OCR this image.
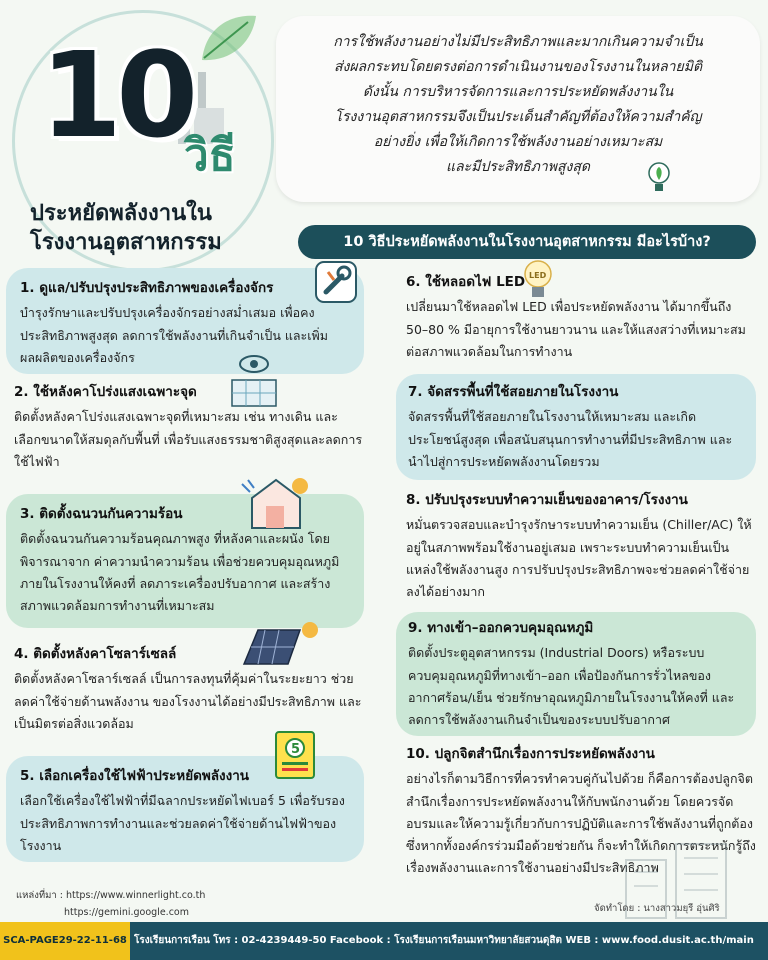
10
วิธี
ประหยัดพลังงานใน
โรงงานอุตสาหกรรม
การใช้พลังงานอย่างไม่มีประสิทธิภาพและมากเกินความจำเป็น
ส่งผลกระทบโดยตรงต่อการดำเนินงานของโรงงานในหลายมิติ
ดังนั้น การบริหารจัดการและการประหยัดพลังงานใน
โรงงานอุตสาหกรรมจึงเป็นประเด็นสำคัญที่ต้องให้ความสำคัญ
อย่างยิ่ง เพื่อให้เกิดการใช้พลังงานอย่างเหมาะสม
และมีประสิทธิภาพสูงสุด
10 วิธีประหยัดพลังงานในโรงงานอุตสาหกรรม มีอะไรบ้าง?
1. ดูแล/ปรับปรุงประสิทธิภาพของเครื่องจักร

บำรุงรักษาและปรับปรุงเครื่องจักรอย่างสม่ำเสมอ เพื่อคงประสิทธิภาพสูงสุด ลดการใช้พลังงานที่เกินจำเป็น และเพิ่มผลผลิตของเครื่องจักร

2. ใช้หลังคาโปร่งแสงเฉพาะจุด

ติดตั้งหลังคาโปร่งแสงเฉพาะจุดที่เหมาะสม เช่น ทางเดิน และเลือกขนาดให้สมดุลกับพื้นที่ เพื่อรับแสงธรรมชาติสูงสุดและลดการใช้ไฟฟ้า

3. ติดตั้งฉนวนกันความร้อน

ติดตั้งฉนวนกันความร้อนคุณภาพสูง ที่หลังคาและผนัง โดยพิจารณาจาก ค่าความนำความร้อน เพื่อช่วยควบคุมอุณหภูมิภายในโรงงานให้คงที่ ลดภาระเครื่องปรับอากาศ และสร้างสภาพแวดล้อมการทำงานที่เหมาะสม

4. ติดตั้งหลังคาโซลาร์เซลล์

ติดตั้งหลังคาโซลาร์เซลล์ เป็นการลงทุนที่คุ้มค่าในระยะยาว ช่วยลดค่าใช้จ่ายด้านพลังงาน ของโรงงานได้อย่างมีประสิทธิภาพ และเป็นมิตรต่อสิ่งแวดล้อม

5. เลือกเครื่องใช้ไฟฟ้าประหยัดพลังงาน

เลือกใช้เครื่องใช้ไฟฟ้าที่มีฉลากประหยัดไฟเบอร์ 5 เพื่อรับรองประสิทธิภาพการทำงานและช่วยลดค่าใช้จ่ายด้านไฟฟ้าของโรงงาน

5
6. ใช้หลอดไฟ LED

เปลี่ยนมาใช้หลอดไฟ LED เพื่อประหยัดพลังงาน ได้มากขึ้นถึง 50–80 % มีอายุการใช้งานยาวนาน และให้แสงสว่างที่เหมาะสมต่อสภาพแวดล้อมในการทำงาน

LED
7. จัดสรรพื้นที่ใช้สอยภายในโรงงาน

จัดสรรพื้นที่ใช้สอยภายในโรงงานให้เหมาะสม และเกิดประโยชน์สูงสุด เพื่อสนับสนุนการทำงานที่มีประสิทธิภาพ และนำไปสู่การประหยัดพลังงานโดยรวม

8. ปรับปรุงระบบทำความเย็นของอาคาร/โรงงาน

หมั่นตรวจสอบและบำรุงรักษาระบบทำความเย็น (Chiller/AC) ให้อยู่ในสภาพพร้อมใช้งานอยู่เสมอ เพราะระบบทำความเย็นเป็นแหล่งใช้พลังงานสูง การปรับปรุงประสิทธิภาพจะช่วยลดค่าใช้จ่ายลงได้อย่างมาก

9. ทางเข้า–ออกควบคุมอุณหภูมิ

ติดตั้งประตูอุตสาหกรรม (Industrial Doors) หรือระบบควบคุมอุณหภูมิที่ทางเข้า–ออก เพื่อป้องกันการรั่วไหลของอากาศร้อน/เย็น ช่วยรักษาอุณหภูมิภายในโรงงานให้คงที่ และลดการใช้พลังงานเกินจำเป็นของระบบปรับอากาศ

10. ปลูกจิตสำนึกเรื่องการประหยัดพลังงาน

อย่างไรก็ตามวิธีการที่ควรทำควบคู่กันไปด้วย ก็คือการต้องปลูกจิตสำนึกเรื่องการประหยัดพลังงานให้กับพนักงานด้วย โดยควรจัดอบรมและให้ความรู้เกี่ยวกับการปฏิบัติและการใช้พลังงานที่ถูกต้อง ซึ่งหากทั้งองค์กรร่วมมือด้วยช่วยกัน ก็จะทำให้เกิดการตระหนักรู้ถึงเรื่องพลังงานและการใช้งานอย่างมีประสิทธิภาพ

แหล่งที่มา : https://www.winnerlight.co.th
https://gemini.google.com	จัดทำโดย : นางสาวมยุรี อุ่นศิริ
SCA-PAGE29-22-11-68 โรงเรียนการเรือน โทร : 02-4239449-50 Facebook : โรงเรียนการเรือนมหาวิทยาลัยสวนดุสิต WEB : www.food.dusit.ac.th/main
